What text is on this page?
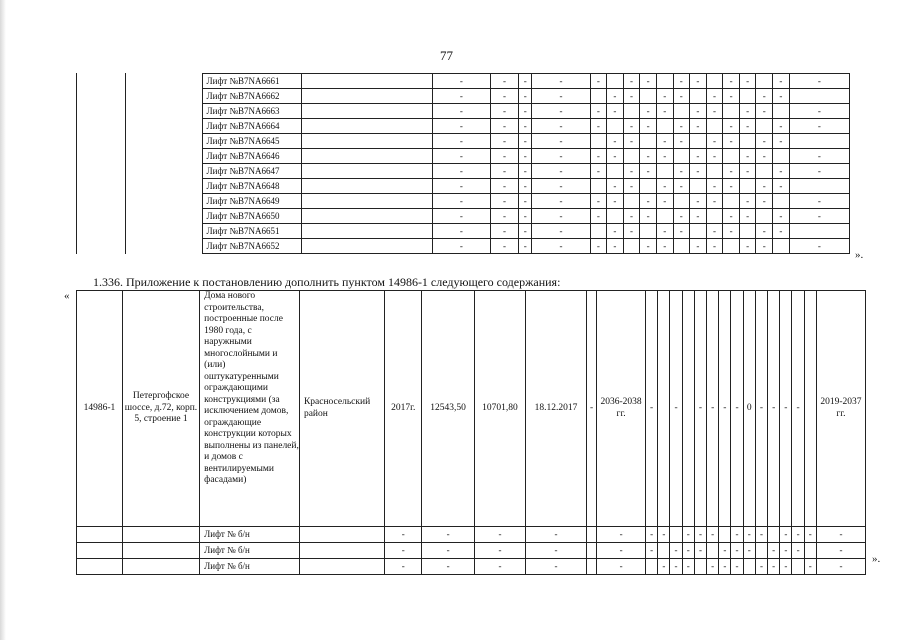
77
		Лифт №B7NA6661		-	-	-	-	-		-	-		-	-		-	-		-	-
		Лифт №B7NA6662		-	-	-	-		-	-		-	-		-	-		-	-	
		Лифт №B7NA6663		-	-	-	-	-	-		-	-		-	-		-	-		-
		Лифт №B7NA6664		-	-	-	-	-		-	-		-	-		-	-		-	-
		Лифт №B7NA6645		-	-	-	-		-	-		-	-		-	-		-	-	
		Лифт №B7NA6646		-	-	-	-	-	-		-	-		-	-		-	-		-
		Лифт №B7NA6647		-	-	-	-	-		-	-		-	-		-	-		-	-
		Лифт №B7NA6648		-	-	-	-		-	-		-	-		-	-		-	-	
		Лифт №B7NA6649		-	-	-	-	-	-		-	-		-	-		-	-		-
		Лифт №B7NA6650		-	-	-	-	-		-	-		-	-		-	-		-	-
		Лифт №B7NA6651		-	-	-	-		-	-		-	-		-	-		-	-	
		Лифт №B7NA6652		-	-	-	-	-	-		-	-		-	-		-	-		-
».
1.336. Приложение к постановлению дополнить пунктом 14986-1 следующего содержания:
«
14986-1	Петергофское шоссе, д.72, корп. 5, строение 1	Дома нового строительства, построенные после 1980 года, с наружными многослойными и (или) оштукатуренными ограждающими конструкциями (за исключением домов, ограждающие конструкции которых выполнены из панелей, и домов с вентилируемыми фасадами)	Красносельский район	2017г.	12543,50	10701,80	18.12.2017	-	2036-2038 гг.	-		-		-	-	-	-	0	-	-	-	-		2019-2037 гг.
		Лифт № б/н		-	-	-	-		-	-	-		-	-	-		-	-	-		-	-	-	-
		Лифт № б/н		-	-	-	-		-	-		-	-	-		-	-	-		-	-	-		-
		Лифт № б/н		-	-	-	-		-		-	-	-		-	-	-		-	-	-		-	-
».
